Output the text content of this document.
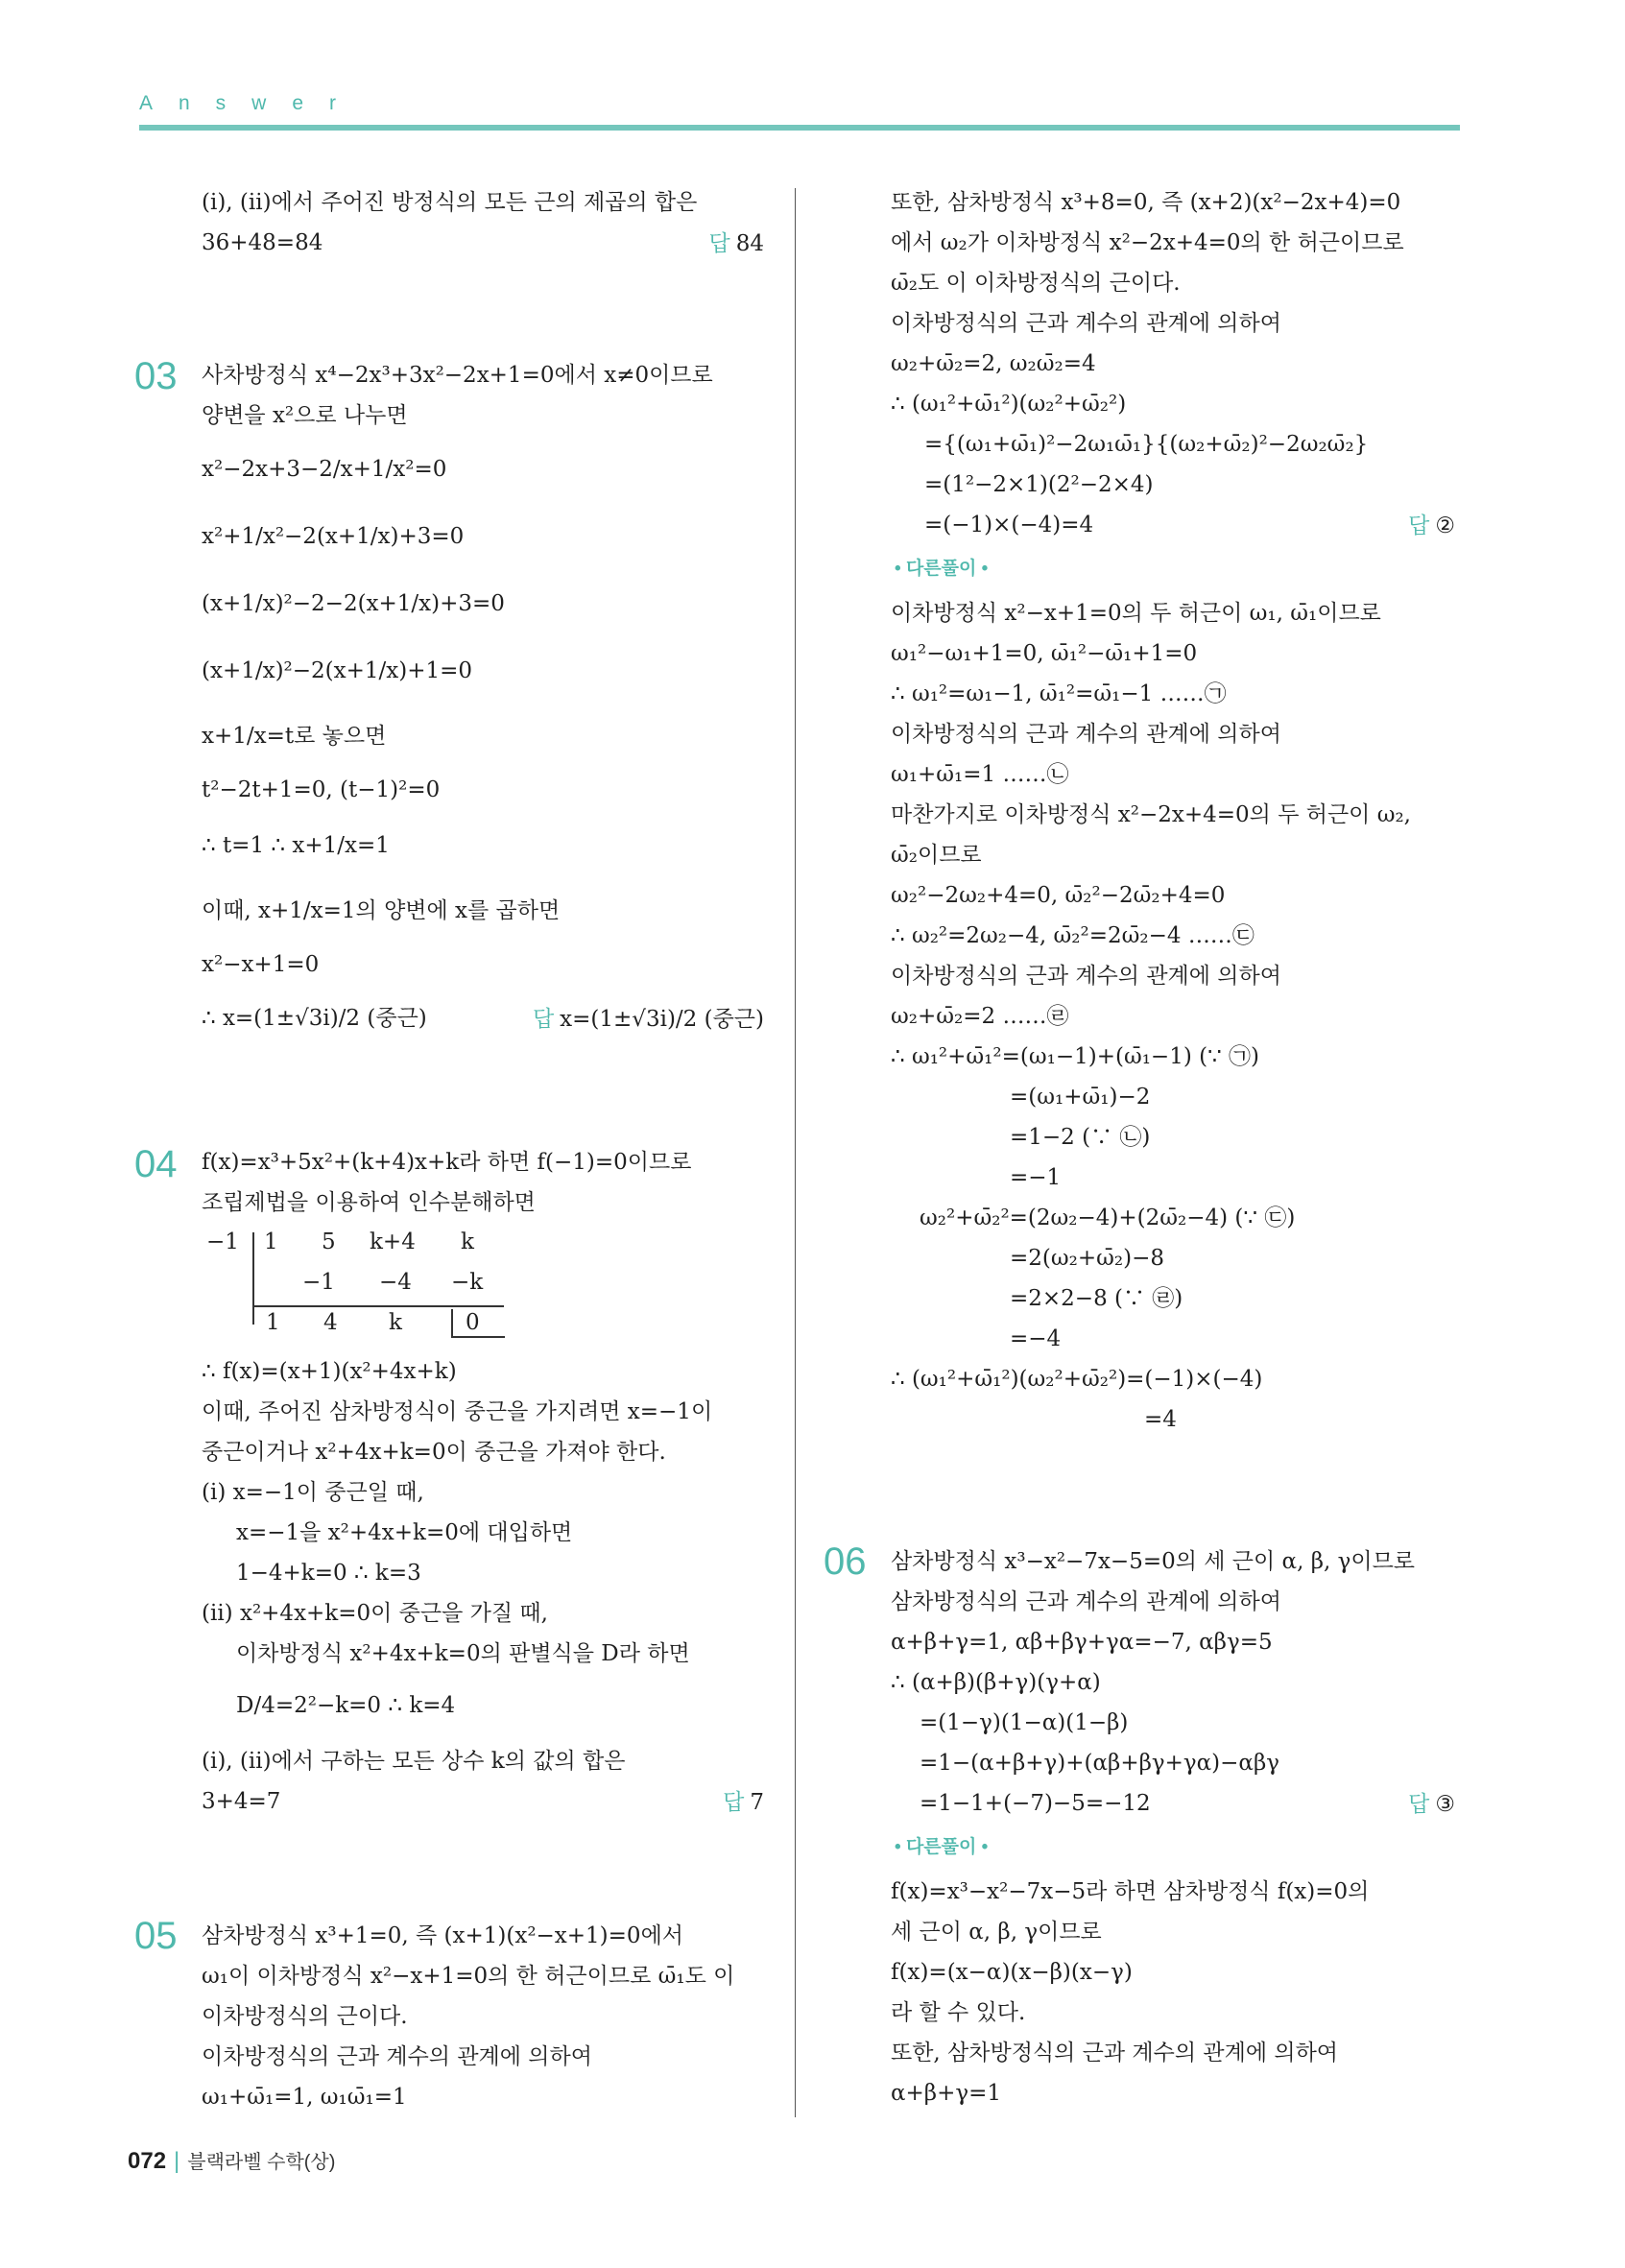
Answer
(ⅰ), (ⅱ)에서 주어진 방정식의 모든 근의 제곱의 합은
36+48=84	답 84
03 사차방정식 x⁴−2x³+3x²−2x+1=0에서 x≠0이므로
양변을 x²으로 나누면
x²−2x+3−2/x+1/x²=0
x²+1/x²−2(x+1/x)+3=0
(x+1/x)²−2−2(x+1/x)+3=0
(x+1/x)²−2(x+1/x)+1=0
x+1/x=t로 놓으면
t²−2t+1=0, (t−1)²=0
∴ t=1 ∴ x+1/x=1
이때, x+1/x=1의 양변에 x를 곱하면
x²−x+1=0
∴ x=(1±√3i)/2 (중근)	답 x=(1±√3i)/2 (중근)
04 f(x)=x³+5x²+(k+4)x+k라 하면 f(−1)=0이므로
조립제법을 이용하여 인수분해하면
−1 1 5 k+4 k
−1 −4 −k
1 4 k	0
∴ f(x)=(x+1)(x²+4x+k)
이때, 주어진 삼차방정식이 중근을 가지려면 x=−1이
중근이거나 x²+4x+k=0이 중근을 가져야 한다.
(ⅰ) x=−1이 중근일 때,
x=−1을 x²+4x+k=0에 대입하면
1−4+k=0 ∴ k=3
(ⅱ) x²+4x+k=0이 중근을 가질 때,
이차방정식 x²+4x+k=0의 판별식을 D라 하면
D/4=2²−k=0 ∴ k=4
(ⅰ), (ⅱ)에서 구하는 모든 상수 k의 값의 합은
3+4=7	답 7
05 삼차방정식 x³+1=0, 즉 (x+1)(x²−x+1)=0에서
ω₁이 이차방정식 x²−x+1=0의 한 허근이므로 ω̄₁도 이
이차방정식의 근이다.
이차방정식의 근과 계수의 관계에 의하여
ω₁+ω̄₁=1, ω₁ω̄₁=1
또한, 삼차방정식 x³+8=0, 즉 (x+2)(x²−2x+4)=0
에서 ω₂가 이차방정식 x²−2x+4=0의 한 허근이므로
ω̄₂도 이 이차방정식의 근이다.
이차방정식의 근과 계수의 관계에 의하여
ω₂+ω̄₂=2, ω₂ω̄₂=4
∴ (ω₁²+ω̄₁²)(ω₂²+ω̄₂²)
={(ω₁+ω̄₁)²−2ω₁ω̄₁}{(ω₂+ω̄₂)²−2ω₂ω̄₂}
=(1²−2×1)(2²−2×4)
=(−1)×(−4)=4	답 ②
• 다른풀이 •
이차방정식 x²−x+1=0의 두 허근이 ω₁, ω̄₁이므로
ω₁²−ω₁+1=0, ω̄₁²−ω̄₁+1=0
∴ ω₁²=ω₁−1, ω̄₁²=ω̄₁−1 ……㉠
이차방정식의 근과 계수의 관계에 의하여
ω₁+ω̄₁=1 ……㉡
마찬가지로 이차방정식 x²−2x+4=0의 두 허근이 ω₂,
ω̄₂이므로
ω₂²−2ω₂+4=0, ω̄₂²−2ω̄₂+4=0
∴ ω₂²=2ω₂−4, ω̄₂²=2ω̄₂−4 ……㉢
이차방정식의 근과 계수의 관계에 의하여
ω₂+ω̄₂=2 ……㉣
∴ ω₁²+ω̄₁²=(ω₁−1)+(ω̄₁−1) (∵ ㉠)
=(ω₁+ω̄₁)−2
=1−2 (∵ ㉡)
=−1
ω₂²+ω̄₂²=(2ω₂−4)+(2ω̄₂−4) (∵ ㉢)
=2(ω₂+ω̄₂)−8
=2×2−8 (∵ ㉣)
=−4
∴ (ω₁²+ω̄₁²)(ω₂²+ω̄₂²)=(−1)×(−4)
=4
06 삼차방정식 x³−x²−7x−5=0의 세 근이 α, β, γ이므로
삼차방정식의 근과 계수의 관계에 의하여
α+β+γ=1, αβ+βγ+γα=−7, αβγ=5
∴ (α+β)(β+γ)(γ+α)
=(1−γ)(1−α)(1−β)
=1−(α+β+γ)+(αβ+βγ+γα)−αβγ
=1−1+(−7)−5=−12	답 ③
• 다른풀이 •
f(x)=x³−x²−7x−5라 하면 삼차방정식 f(x)=0의
세 근이 α, β, γ이므로
f(x)=(x−α)(x−β)(x−γ)
라 할 수 있다.
또한, 삼차방정식의 근과 계수의 관계에 의하여
α+β+γ=1
072 | 블랙라벨 수학(상)
